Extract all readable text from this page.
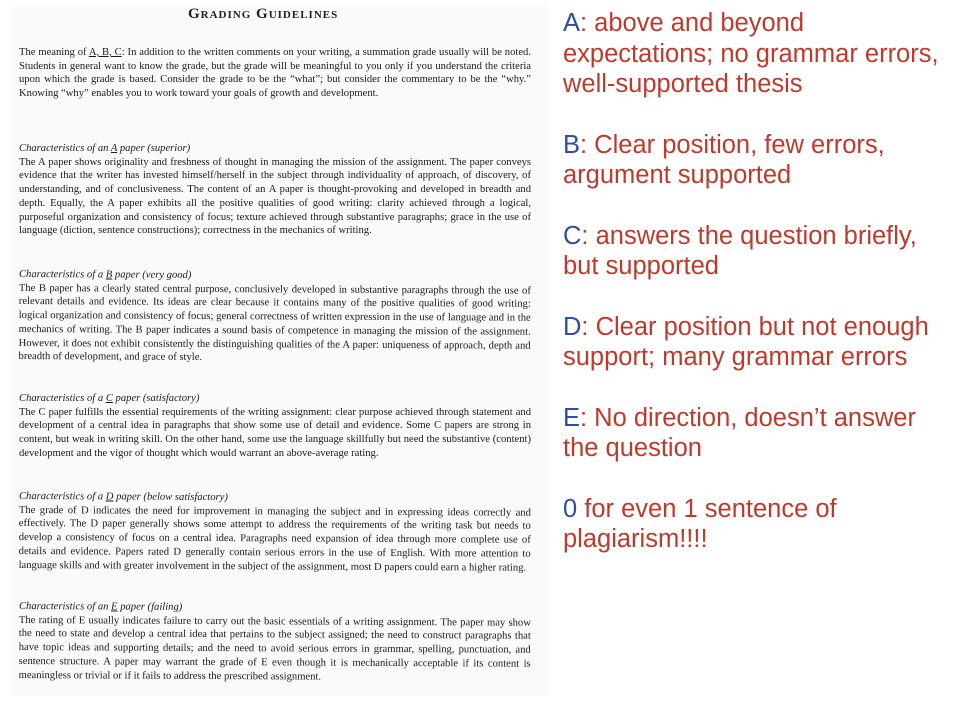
Grading Guidelines

The meaning of A, B, C: In addition to the written comments on your writing, a summation grade usually will be noted. Students in general want to know the grade, but the grade will be meaningful to you only if you understand the criteria upon which the grade is based. Consider the grade to be the “what”; but consider the commentary to be the “why.” Knowing “why” enables you to work toward your goals of growth and development.

Characteristics of an A paper (superior)

The A paper shows originality and freshness of thought in managing the mission of the assignment. The paper conveys evidence that the writer has invested himself/herself in the subject through individuality of approach, of discovery, of understanding, and of conclusiveness. The content of an A paper is thought-provoking and developed in breadth and depth. Equally, the A paper exhibits all the positive qualities of good writing: clarity achieved through a logical, purposeful organization and consistency of focus; texture achieved through substantive paragraphs; grace in the use of language (diction, sentence constructions); correctness in the mechanics of writing.

Characteristics of a B paper (very good)

The B paper has a clearly stated central purpose, conclusively developed in substantive paragraphs through the use of relevant details and evidence. Its ideas are clear because it contains many of the positive qualities of good writing: logical organization and consistency of focus; general correctness of written expression in the use of language and in the mechanics of writing. The B paper indicates a sound basis of competence in managing the mission of the assignment. However, it does not exhibit consistently the distinguishing qualities of the A paper: uniqueness of approach, depth and breadth of development, and grace of style.

Characteristics of a C paper (satisfactory)

The C paper fulfills the essential requirements of the writing assignment: clear purpose achieved through statement and development of a central idea in paragraphs that show some use of detail and evidence. Some C papers are strong in content, but weak in writing skill. On the other hand, some use the language skillfully but need the substantive (content) development and the vigor of thought which would warrant an above-average rating.

Characteristics of a D paper (below satisfactory)

The grade of D indicates the need for improvement in managing the subject and in expressing ideas correctly and effectively. The D paper generally shows some attempt to address the requirements of the writing task but needs to develop a consistency of focus on a central idea. Paragraphs need expansion of idea through more complete use of details and evidence. Papers rated D generally contain serious errors in the use of English. With more attention to language skills and with greater involvement in the subject of the assignment, most D papers could earn a higher rating.

Characteristics of an E paper (failing)

The rating of E usually indicates failure to carry out the basic essentials of a writing assignment. The paper may show the need to state and develop a central idea that pertains to the subject assigned; the need to construct paragraphs that have topic ideas and supporting details; and the need to avoid serious errors in grammar, spelling, punctuation, and sentence structure. A paper may warrant the grade of E even though it is mechanically acceptable if its content is meaningless or trivial or if it fails to address the prescribed assignment.

A: above and beyond expectations; no grammar errors, well-supported thesis
B: Clear position, few errors, argument supported
C: answers the question briefly, but supported
D: Clear position but not enough support; many grammar errors
E: No direction, doesn’t answer the question
0 for even 1 sentence of plagiarism!!!!
